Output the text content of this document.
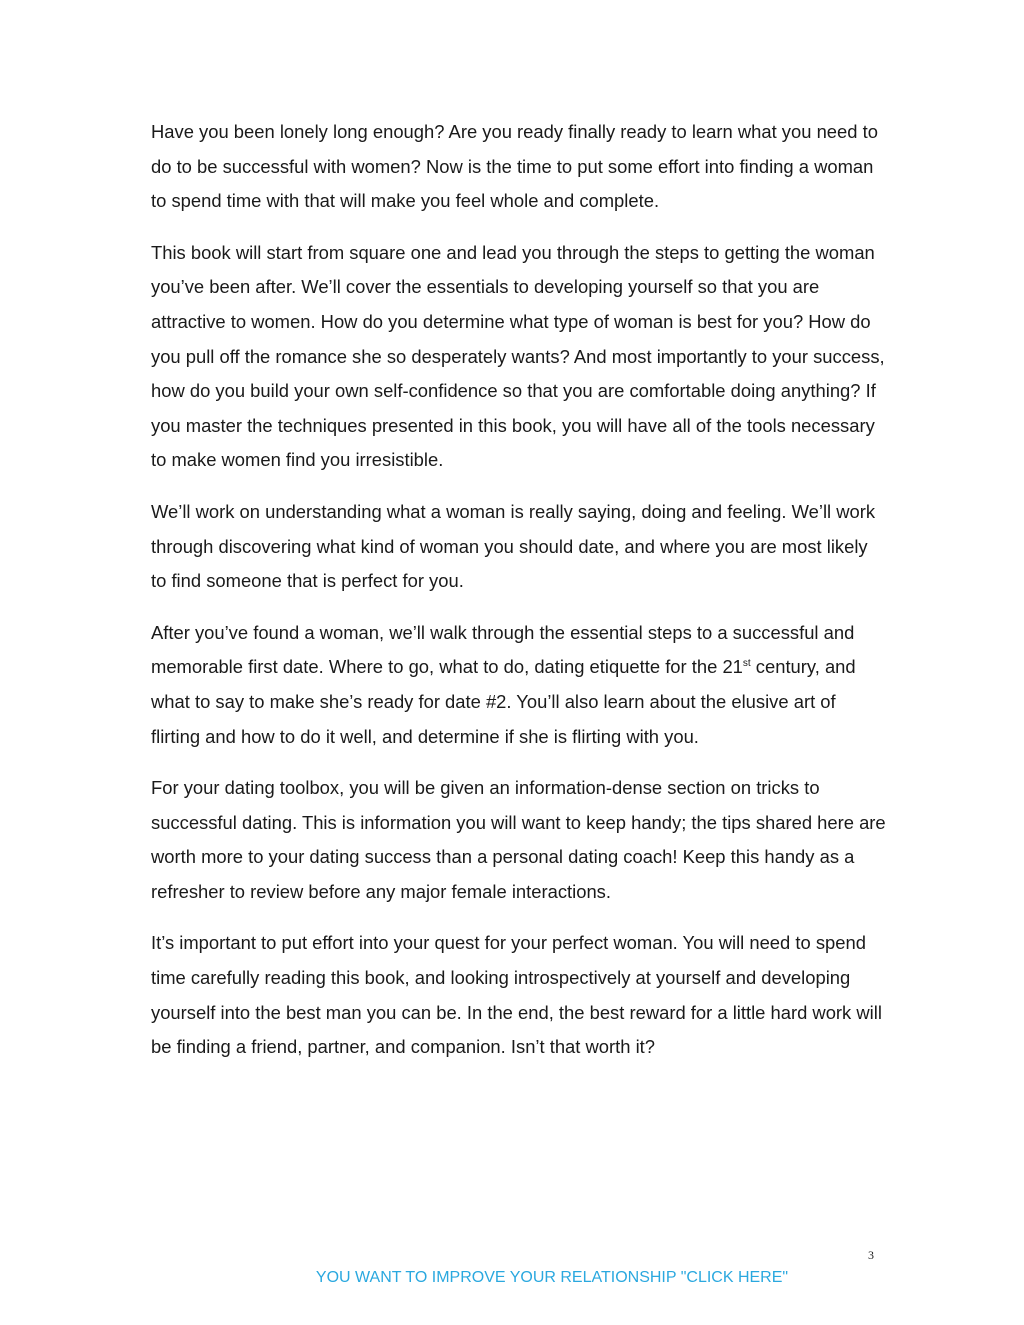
Have you been lonely long enough? Are you ready finally ready to learn what you need to do to be successful with women? Now is the time to put some effort into finding a woman to spend time with that will make you feel whole and complete.

This book will start from square one and lead you through the steps to getting the woman you’ve been after. We’ll cover the essentials to developing yourself so that you are attractive to women. How do you determine what type of woman is best for you? How do you pull off the romance she so desperately wants? And most importantly to your success, how do you build your own self-confidence so that you are comfortable doing anything? If you master the techniques presented in this book, you will have all of the tools necessary to make women find you irresistible.

We’ll work on understanding what a woman is really saying, doing and feeling. We’ll work through discovering what kind of woman you should date, and where you are most likely to find someone that is perfect for you.

After you’ve found a woman, we’ll walk through the essential steps to a successful and memorable first date. Where to go, what to do, dating etiquette for the 21st century, and what to say to make she’s ready for date #2. You’ll also learn about the elusive art of flirting and how to do it well, and determine if she is flirting with you.

For your dating toolbox, you will be given an information-dense section on tricks to successful dating. This is information you will want to keep handy; the tips shared here are worth more to your dating success than a personal dating coach! Keep this handy as a refresher to review before any major female interactions.

It’s important to put effort into your quest for your perfect woman. You will need to spend time carefully reading this book, and looking introspectively at yourself and developing yourself into the best man you can be. In the end, the best reward for a little hard work will be finding a friend, partner, and companion. Isn’t that worth it?

3
YOU WANT TO IMPROVE YOUR RELATIONSHIP "CLICK HERE"
